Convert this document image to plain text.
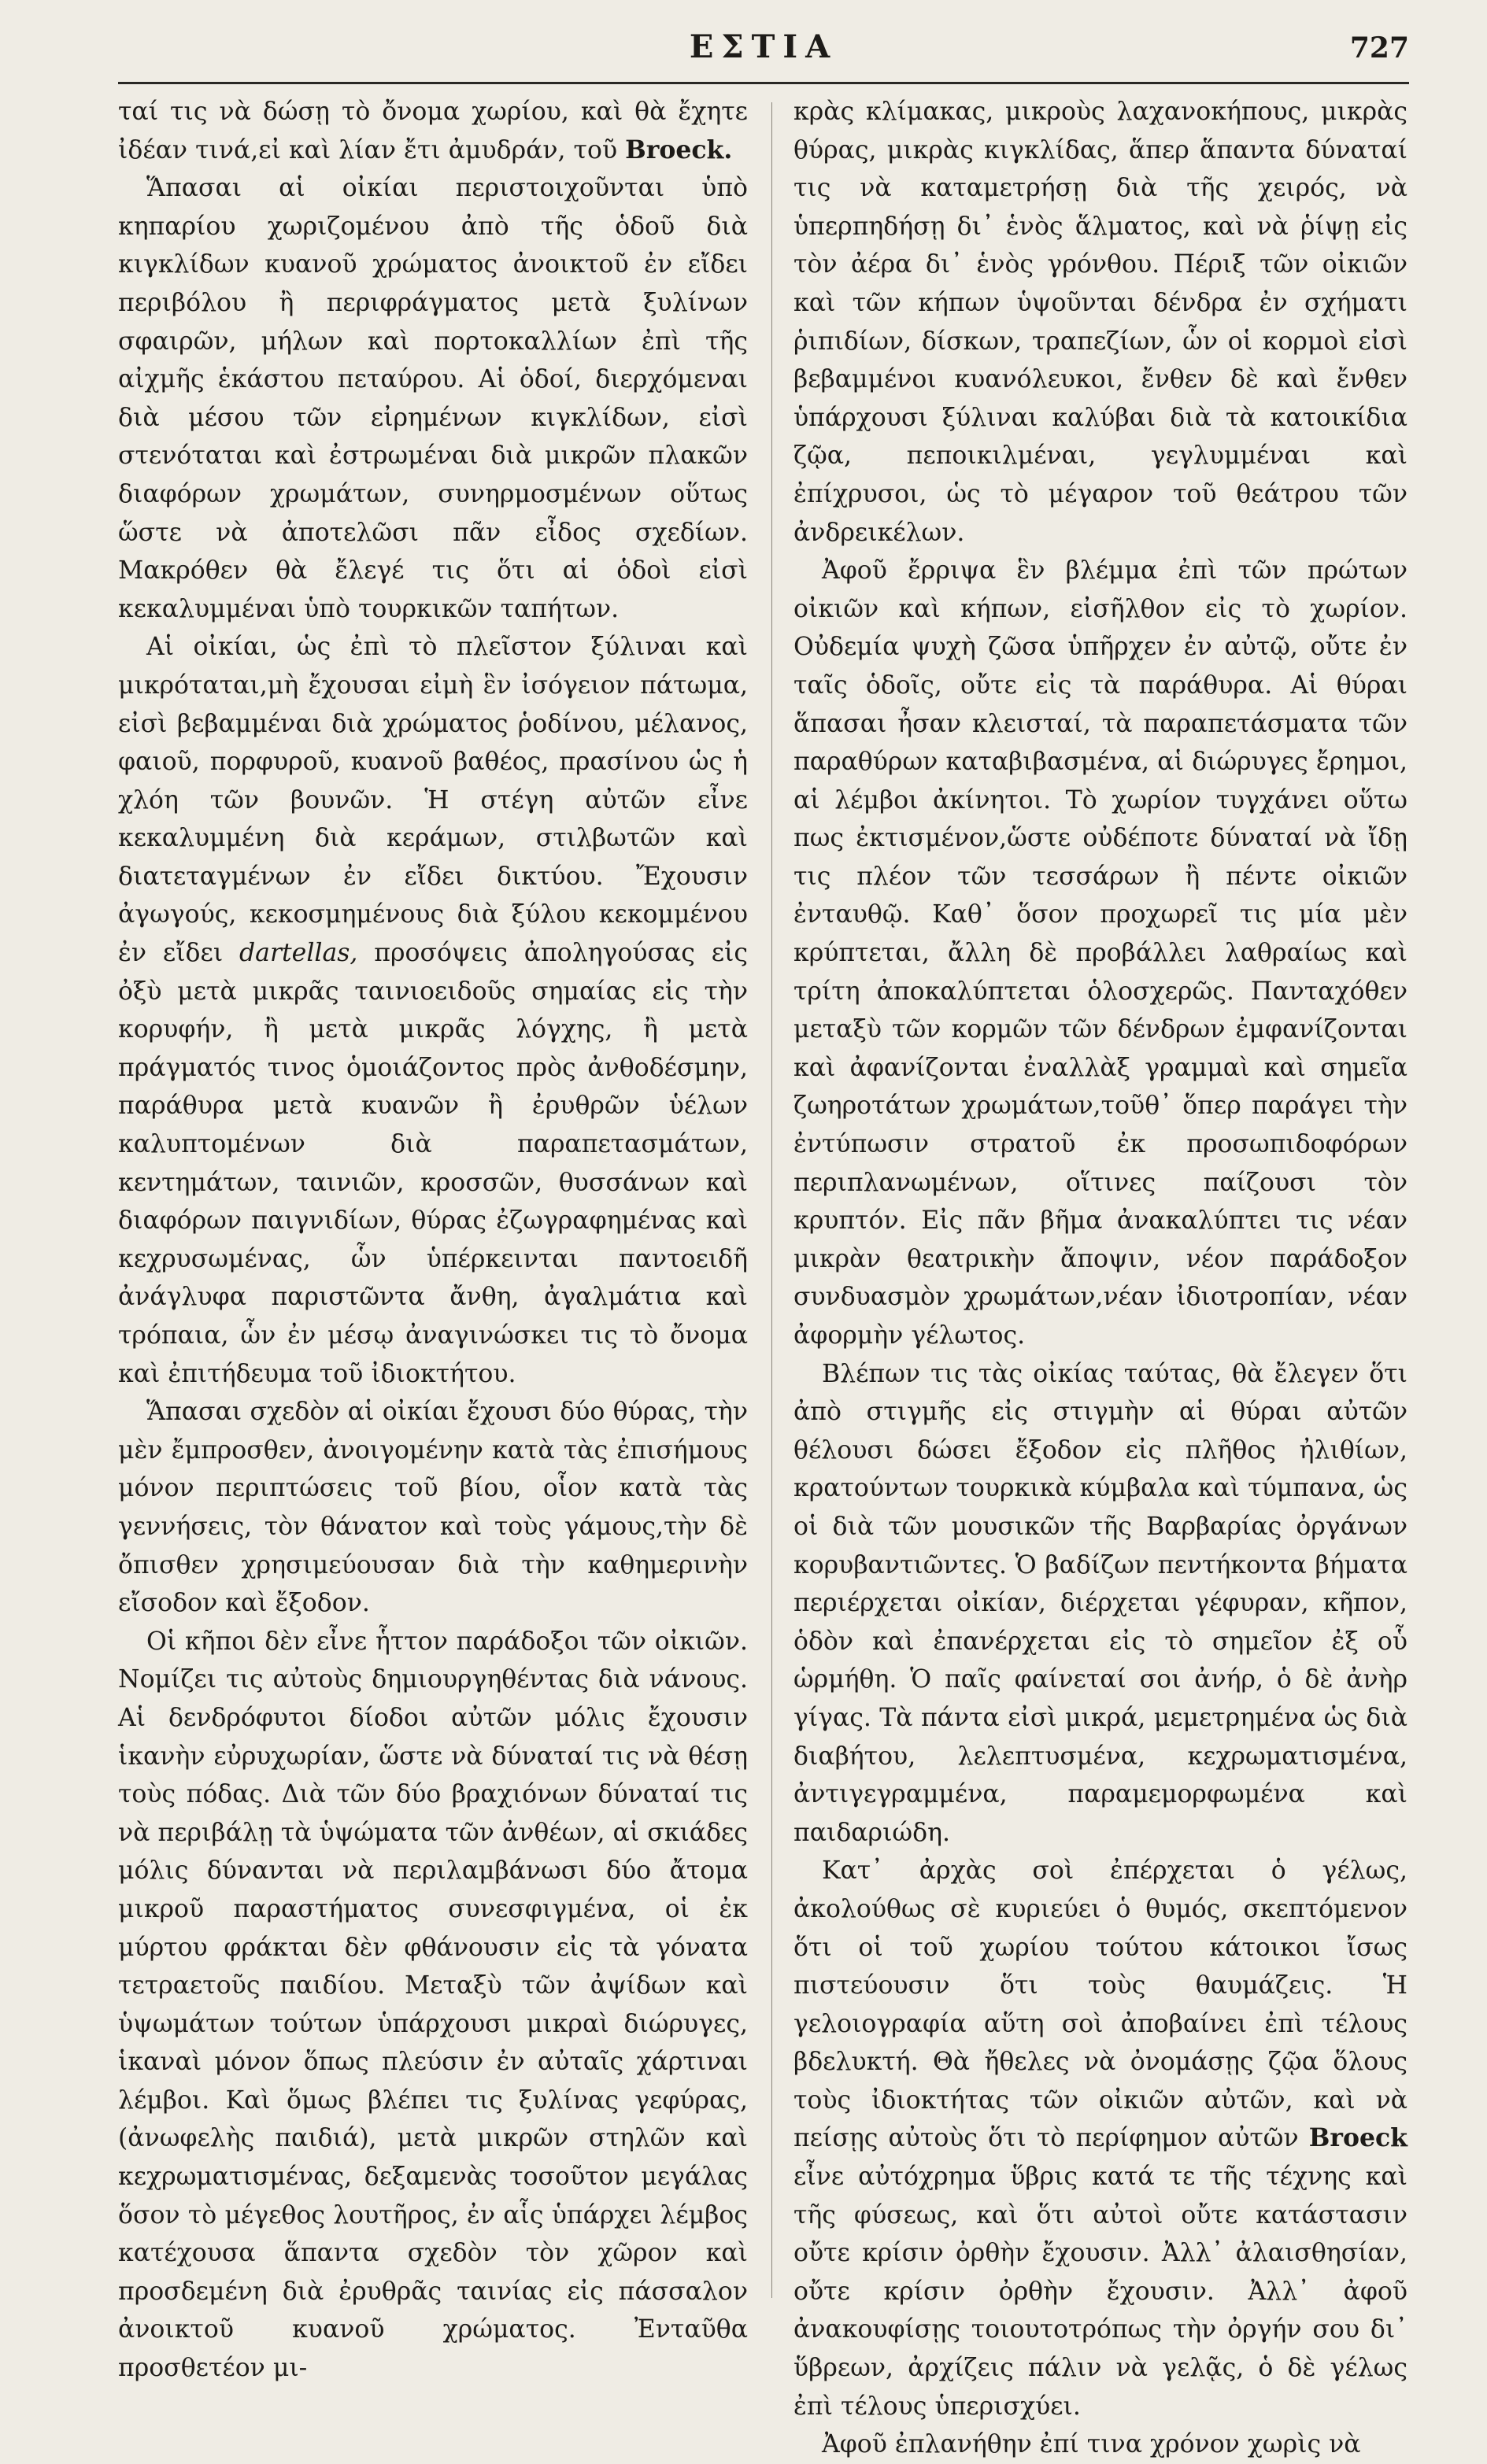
ΕΣΤΙΑ	727

ταί τις νὰ δώσῃ τὸ ὄνομα χωρίου, καὶ θὰ ἔχητε ἰδέαν τινά,εἰ καὶ λίαν ἔτι ἀμυδράν, τοῦ Broeck.

Ἅπασαι αἱ οἰκίαι περιστοιχοῦνται ὑπὸ κηπαρίου χωριζομένου ἀπὸ τῆς ὁδοῦ διὰ κιγκλίδων κυανοῦ χρώματος ἀνοικτοῦ ἐν εἴδει περιβόλου ἢ περιφράγματος μετὰ ξυλίνων σφαιρῶν, μήλων καὶ πορτοκαλλίων ἐπὶ τῆς αἰχμῆς ἑκάστου πεταύρου. Αἱ ὁδοί, διερχόμεναι διὰ μέσου τῶν εἰρημένων κιγκλίδων, εἰσὶ στενόταται καὶ ἐστρωμέναι διὰ μικρῶν πλακῶν διαφόρων χρωμάτων, συνηρμοσμένων οὕτως ὥστε νὰ ἀποτελῶσι πᾶν εἶδος σχεδίων. Μακρόθεν θὰ ἔλεγέ τις ὅτι αἱ ὁδοὶ εἰσὶ κεκαλυμμέναι ὑπὸ τουρκικῶν ταπήτων.

Αἱ οἰκίαι, ὡς ἐπὶ τὸ πλεῖστον ξύλιναι καὶ μικρόταται,μὴ ἔχουσαι εἰμὴ ἓν ἰσόγειον πάτωμα, εἰσὶ βεβαμμέναι διὰ χρώματος ῥοδίνου, μέλανος, φαιοῦ, πορφυροῦ, κυανοῦ βαθέος, πρασίνου ὡς ἡ χλόη τῶν βουνῶν. Ἡ στέγη αὐτῶν εἶνε κεκαλυμμένη διὰ κεράμων, στιλβωτῶν καὶ διατεταγμένων ἐν εἴδει δικτύου. Ἔχουσιν ἀγωγούς, κεκοσμημένους διὰ ξύλου κεκομμένου ἐν εἴδει dartellas, προσόψεις ἀποληγούσας εἰς ὀξὺ μετὰ μικρᾶς ταινιοειδοῦς σημαίας εἰς τὴν κορυφήν, ἢ μετὰ μικρᾶς λόγχης, ἢ μετὰ πράγματός τινος ὁμοιάζοντος πρὸς ἀνθοδέσμην, παράθυρα μετὰ κυανῶν ἢ ἐρυθρῶν ὑέλων καλυπτομένων διὰ παραπετασμάτων, κεντημάτων, ταινιῶν, κροσσῶν, θυσσάνων καὶ διαφόρων παιγνιδίων, θύρας ἐζωγραφημένας καὶ κεχρυσωμένας, ὧν ὑπέρκεινται παντοειδῆ ἀνάγλυφα παριστῶντα ἄνθη, ἀγαλμάτια καὶ τρόπαια, ὧν ἐν μέσῳ ἀναγινώσκει τις τὸ ὄνομα καὶ ἐπιτήδευμα τοῦ ἰδιοκτήτου.

Ἅπασαι σχεδὸν αἱ οἰκίαι ἔχουσι δύο θύρας, τὴν μὲν ἔμπροσθεν, ἀνοιγομένην κατὰ τὰς ἐπισήμους μόνον περιπτώσεις τοῦ βίου, οἷον κατὰ τὰς γεννήσεις, τὸν θάνατον καὶ τοὺς γάμους,τὴν δὲ ὄπισθεν χρησιμεύουσαν διὰ τὴν καθημερινὴν εἴσοδον καὶ ἔξοδον.

Οἱ κῆποι δὲν εἶνε ἧττον παράδοξοι τῶν οἰκιῶν. Νομίζει τις αὐτοὺς δημιουργηθέντας διὰ νάνους. Αἱ δενδρόφυτοι δίοδοι αὐτῶν μόλις ἔχουσιν ἱκανὴν εὐρυχωρίαν, ὥστε νὰ δύναταί τις νὰ θέσῃ τοὺς πόδας. Διὰ τῶν δύο βραχιόνων δύναταί τις νὰ περιβάλῃ τὰ ὑψώματα τῶν ἀνθέων, αἱ σκιάδες μόλις δύνανται νὰ περιλαμβάνωσι δύο ἄτομα μικροῦ παραστήματος συνεσφιγμένα, οἱ ἐκ μύρτου φράκται δὲν φθάνουσιν εἰς τὰ γόνατα τετραετοῦς παιδίου. Μεταξὺ τῶν ἀψίδων καὶ ὑψωμάτων τούτων ὑπάρχουσι μικραὶ διώρυγες, ἱκαναὶ μόνον ὅπως πλεύσιν ἐν αὐταῖς χάρτιναι λέμβοι. Καὶ ὅμως βλέπει τις ξυλίνας γεφύρας, (ἀνωφελὴς παιδιά), μετὰ μικρῶν στηλῶν καὶ κεχρωματισμένας, δεξαμενὰς τοσοῦτον μεγάλας ὅσον τὸ μέγεθος λουτῆρος, ἐν αἷς ὑπάρχει λέμβος κατέχουσα ἅπαντα σχεδὸν τὸν χῶρον καὶ προσδεμένη διὰ ἐρυθρᾶς ταινίας εἰς πάσσαλον ἀνοικτοῦ κυανοῦ χρώματος. Ἐνταῦθα προσθετέον μι-

κρὰς κλίμακας, μικροὺς λαχανοκήπους, μικρὰς θύρας, μικρὰς κιγκλίδας, ἅπερ ἅπαντα δύναταί τις νὰ καταμετρήσῃ διὰ τῆς χειρός, νὰ ὑπερπηδήσῃ δι᾽ ἑνὸς ἅλματος, καὶ νὰ ῥίψῃ εἰς τὸν ἀέρα δι᾽ ἑνὸς γρόνθου. Πέριξ τῶν οἰκιῶν καὶ τῶν κήπων ὑψοῦνται δένδρα ἐν σχήματι ῥιπιδίων, δίσκων, τραπεζίων, ὧν οἱ κορμοὶ εἰσὶ βεβαμμένοι κυανόλευκοι, ἔνθεν δὲ καὶ ἔνθεν ὑπάρχουσι ξύλιναι καλύβαι διὰ τὰ κατοικίδια ζῷα, πεποικιλμέναι, γεγλυμμέναι καὶ ἐπίχρυσοι, ὡς τὸ μέγαρον τοῦ θεάτρου τῶν ἀνδρεικέλων.

Ἀφοῦ ἔρριψα ἓν βλέμμα ἐπὶ τῶν πρώτων οἰκιῶν καὶ κήπων, εἰσῆλθον εἰς τὸ χωρίον. Οὐδεμία ψυχὴ ζῶσα ὑπῆρχεν ἐν αὐτῷ, οὔτε ἐν ταῖς ὁδοῖς, οὔτε εἰς τὰ παράθυρα. Αἱ θύραι ἅπασαι ἦσαν κλεισταί, τὰ παραπετάσματα τῶν παραθύρων καταβιβασμένα, αἱ διώρυγες ἔρημοι, αἱ λέμβοι ἀκίνητοι. Τὸ χωρίον τυγχάνει οὕτω πως ἐκτισμένον,ὥστε οὐδέποτε δύναταί νὰ ἴδῃ τις πλέον τῶν τεσσάρων ἢ πέντε οἰκιῶν ἐνταυθῷ. Καθ᾽ ὅσον προχωρεῖ τις μία μὲν κρύπτεται, ἄλλη δὲ προβάλλει λαθραίως καὶ τρίτη ἀποκαλύπτεται ὁλοσχερῶς. Πανταχόθεν μεταξὺ τῶν κορμῶν τῶν δένδρων ἐμφανίζονται καὶ ἀφανίζονται ἐναλλὰξ γραμμαὶ καὶ σημεῖα ζωηροτάτων χρωμάτων,τοῦθ᾽ ὅπερ παράγει τὴν ἐντύπωσιν στρατοῦ ἐκ προσωπιδοφόρων περιπλανωμένων, οἵτινες παίζουσι τὸν κρυπτόν. Εἰς πᾶν βῆμα ἀνακαλύπτει τις νέαν μικρὰν θεατρικὴν ἄποψιν, νέον παράδοξον συνδυασμὸν χρωμάτων,νέαν ἰδιοτροπίαν, νέαν ἀφορμὴν γέλωτος.

Βλέπων τις τὰς οἰκίας ταύτας, θὰ ἔλεγεν ὅτι ἀπὸ στιγμῆς εἰς στιγμὴν αἱ θύραι αὐτῶν θέλουσι δώσει ἔξοδον εἰς πλῆθος ἠλιθίων, κρατούντων τουρκικὰ κύμβαλα καὶ τύμπανα, ὡς οἱ διὰ τῶν μουσικῶν τῆς Βαρβαρίας ὀργάνων κορυβαντιῶντες. Ὁ βαδίζων πεντήκοντα βήματα περιέρχεται οἰκίαν, διέρχεται γέφυραν, κῆπον, ὁδὸν καὶ ἐπανέρχεται εἰς τὸ σημεῖον ἐξ οὗ ὡρμήθη. Ὁ παῖς φαίνεταί σοι ἀνήρ, ὁ δὲ ἀνὴρ γίγας. Τὰ πάντα εἰσὶ μικρά, μεμετρημένα ὡς διὰ διαβήτου, λελεπτυσμένα, κεχρωματισμένα, ἀντιγεγραμμένα, παραμεμορφωμένα καὶ παιδαριώδη.

Κατ᾽ ἀρχὰς σοὶ ἐπέρχεται ὁ γέλως, ἀκολούθως σὲ κυριεύει ὁ θυμός, σκεπτόμενον ὅτι οἱ τοῦ χωρίου τούτου κάτοικοι ἴσως πιστεύουσιν ὅτι τοὺς θαυμάζεις. Ἡ γελοιογραφία αὕτη σοὶ ἀποβαίνει ἐπὶ τέλους βδελυκτή. Θὰ ἤθελες νὰ ὀνομάσῃς ζῷα ὅλους τοὺς ἰδιοκτήτας τῶν οἰκιῶν αὐτῶν, καὶ νὰ πείσῃς αὐτοὺς ὅτι τὸ περίφημον αὐτῶν Broeck εἶνε αὐτόχρημα ὕβρις κατά τε τῆς τέχνης καὶ τῆς φύσεως, καὶ ὅτι αὐτοὶ οὔτε κατάστασιν οὔτε κρίσιν ὀρθὴν ἔχουσιν. Ἀλλ᾽ ἀλαισθησίαν, οὔτε κρίσιν ὀρθὴν ἔχουσιν. Ἀλλ᾽ ἀφοῦ ἀνακουφίσῃς τοιουτοτρόπως τὴν ὀργήν σου δι᾽ ὕβρεων, ἀρχίζεις πάλιν νὰ γελᾷς, ὁ δὲ γέλως ἐπὶ τέλους ὑπερισχύει.

Ἀφοῦ ἐπλανήθην ἐπί τινα χρόνον χωρὶς νὰ
